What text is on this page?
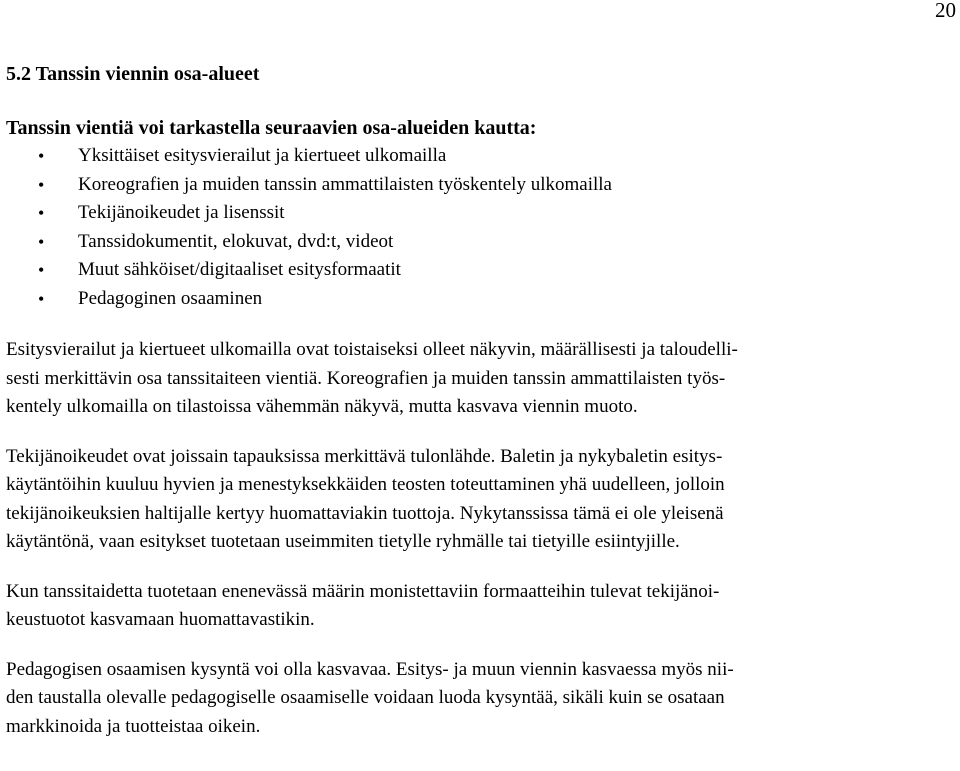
20
5.2 Tanssin viennin osa-alueet
Tanssin vientiä voi tarkastella seuraavien osa-alueiden kautta:
• Yksittäiset esitysvierailut ja kiertueet ulkomailla
• Koreografien ja muiden tanssin ammattilaisten työskentely ulkomailla
• Tekijänoikeudet ja lisenssit
• Tanssidokumentit, elokuvat, dvd:t, videot
• Muut sähköiset/digitaaliset esitysformaatit
• Pedagoginen osaaminen

Esitysvierailut ja kiertueet ulkomailla ovat toistaiseksi olleet näkyvin, määrällisesti ja taloudelli-
sesti merkittävin osa tanssitaiteen vientiä. Koreografien ja muiden tanssin ammattilaisten työs-
kentely ulkomailla on tilastoissa vähemmän näkyvä, mutta kasvava viennin muoto.

Tekijänoikeudet ovat joissain tapauksissa merkittävä tulonlähde. Baletin ja nykybaletin esitys-
käytäntöihin kuuluu hyvien ja menestyksekkäiden teosten toteuttaminen yhä uudelleen, jolloin
tekijänoikeuksien haltijalle kertyy huomattaviakin tuottoja. Nykytanssissa tämä ei ole yleisenä
käytäntönä, vaan esitykset tuotetaan useimmiten tietylle ryhmälle tai tietyille esiintyjille.

Kun tanssitaidetta tuotetaan enenevässä määrin monistettaviin formaatteihin tulevat tekijänoi-
keustuotot kasvamaan huomattavastikin.

Pedagogisen osaamisen kysyntä voi olla kasvavaa. Esitys- ja muun viennin kasvaessa myös nii-
den taustalla olevalle pedagogiselle osaamiselle voidaan luoda kysyntää, sikäli kuin se osataan
markkinoida ja tuotteistaa oikein.
